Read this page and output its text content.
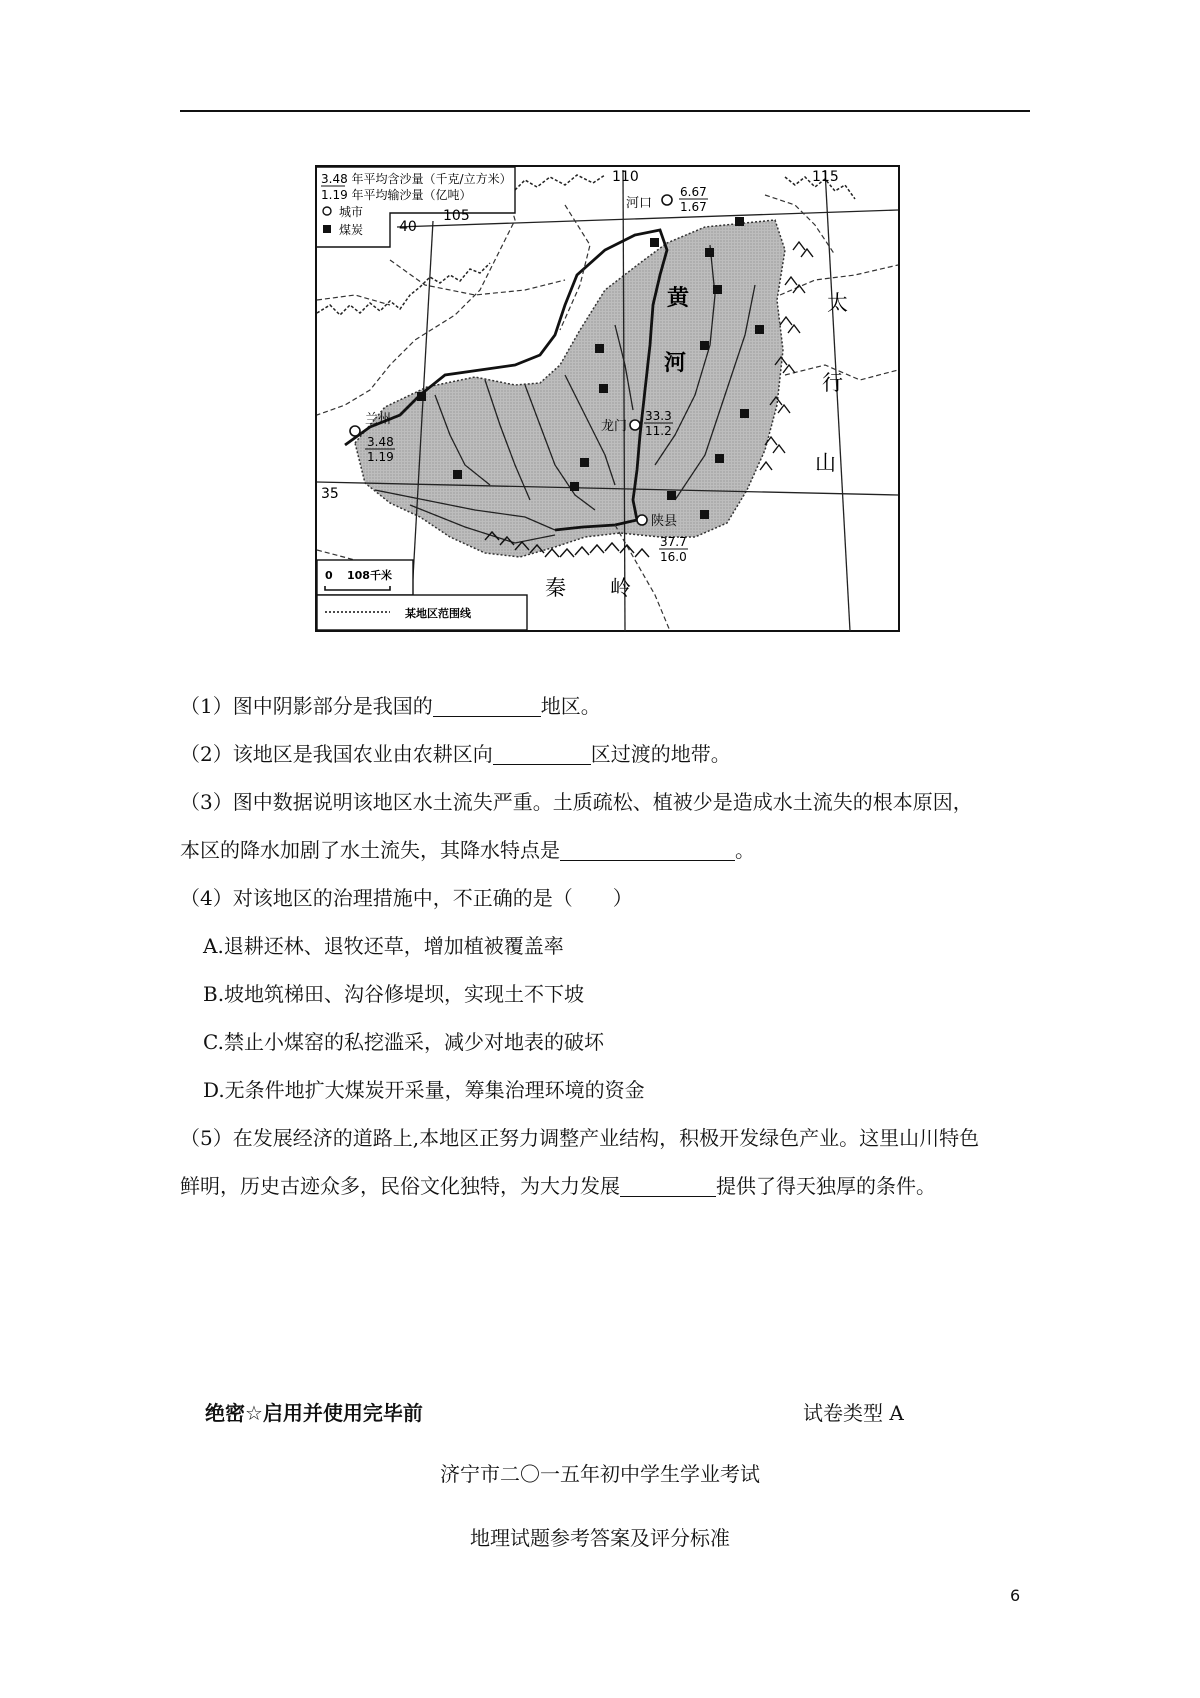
3.48 年平均含沙量（千克/立方米）
1.19 年平均输沙量（亿吨）
城市
煤炭
105
110	115
40
35
河口
6.67
1.67
兰州
3.48
1.19
龙门
33.3
11.2
陕县
37.7
16.0
黄
河
太
行
山
秦 岭
0 108千米
某地区范围线
（1）图中阴影部分是我国的	地区。
（2）该地区是我国农业由农耕区向	区过渡的地带。
（3）图中数据说明该地区水土流失严重。土质疏松、植被少是造成水土流失的根本原因，
本区的降水加剧了水土流失，其降水特点是	。
（4）对该地区的治理措施中，不正确的是（　　）
A.退耕还林、退牧还草，增加植被覆盖率
B.坡地筑梯田、沟谷修堤坝，实现土不下坡
C.禁止小煤窑的私挖滥采，减少对地表的破坏
D.无条件地扩大煤炭开采量，筹集治理环境的资金
（5）在发展经济的道路上,本地区正努力调整产业结构，积极开发绿色产业。这里山川特色
鲜明，历史古迹众多，民俗文化独特，为大力发展	提供了得天独厚的条件。
绝密☆启用并使用完毕前	试卷类型 A
济宁市二〇一五年初中学生学业考试
地理试题参考答案及评分标准
6
